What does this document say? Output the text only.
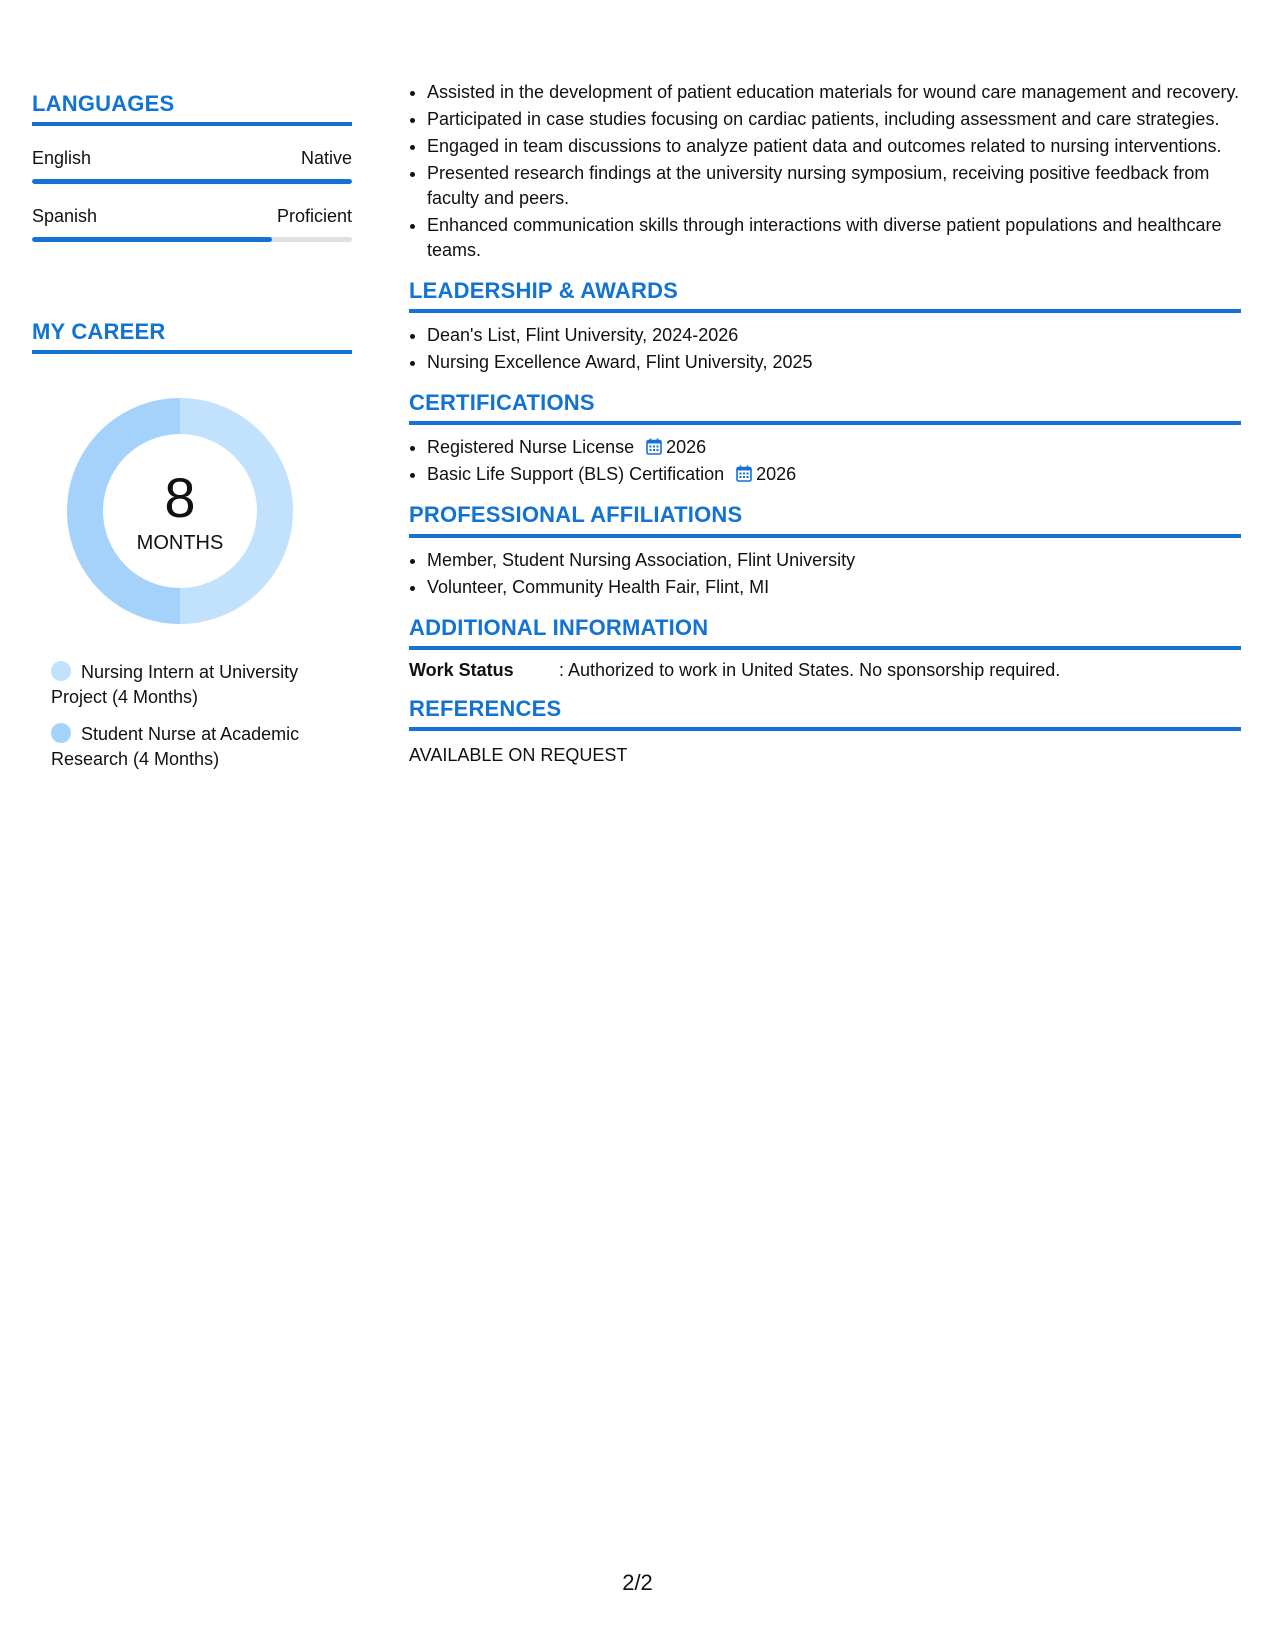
LANGUAGES
English	Native
Spanish	Proficient
MY CAREER
8
MONTHS
Nursing Intern at University Project (4 Months)
Student Nurse at Academic Research (4 Months)
• Assisted in the development of patient education materials for wound care management and recovery.
• Participated in case studies focusing on cardiac patients, including assessment and care strategies.
• Engaged in team discussions to analyze patient data and outcomes related to nursing interventions.
• Presented research findings at the university nursing symposium, receiving positive feedback from faculty and peers.
• Enhanced communication skills through interactions with diverse patient populations and healthcare teams.
LEADERSHIP & AWARDS
• Dean's List, Flint University, 2024-2026
• Nursing Excellence Award, Flint University, 2025
CERTIFICATIONS
• Registered Nurse License 2026
• Basic Life Support (BLS) Certification 2026
PROFESSIONAL AFFILIATIONS
• Member, Student Nursing Association, Flint University
• Volunteer, Community Health Fair, Flint, MI
ADDITIONAL INFORMATION
Work Status	: Authorized to work in United States. No sponsorship required.
REFERENCES
AVAILABLE ON REQUEST
2/2
